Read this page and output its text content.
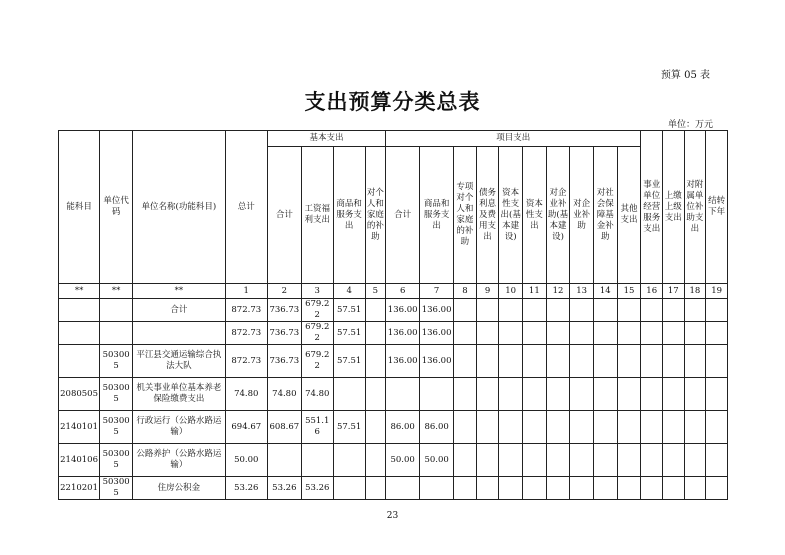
预算 05 表
支出预算分类总表
单位：万元
能科目	单位代码	单位名称(功能科目)	总计	基本支出				项目支出										事业单位经营服务支出	上缴上级支出	对附属单位补助支出	结转下年
				合计	工资福利支出	商品和服务支出	对个人和家庭的补助	合计	商品和服务支出	专项对个人和家庭的补助	债务利息及费用支出	资本性支出(基本建设)	资本性支出	对企业补助(基本建设)	对企业补助	对社会保障基金补助	其他支出				
**	**	**	1	2	3	4	5	6	7	8	9	10	11	12	13	14	15	16	17	18	19
		合计	872.73	736.73	679.22	57.51		136.00	136.00												
			872.73	736.73	679.22	57.51		136.00	136.00												
	503005	平江县交通运输综合执法大队	872.73	736.73	679.22	57.51		136.00	136.00												
2080505	503005	机关事业单位基本养老保险缴费支出	74.80	74.80	74.80																
2140101	503005	行政运行（公路水路运输）	694.67	608.67	551.16	57.51		86.00	86.00												
2140106	503005	公路养护（公路水路运输）	50.00					50.00	50.00												
2210201	503005	住房公积金	53.26	53.26	53.26																
23
